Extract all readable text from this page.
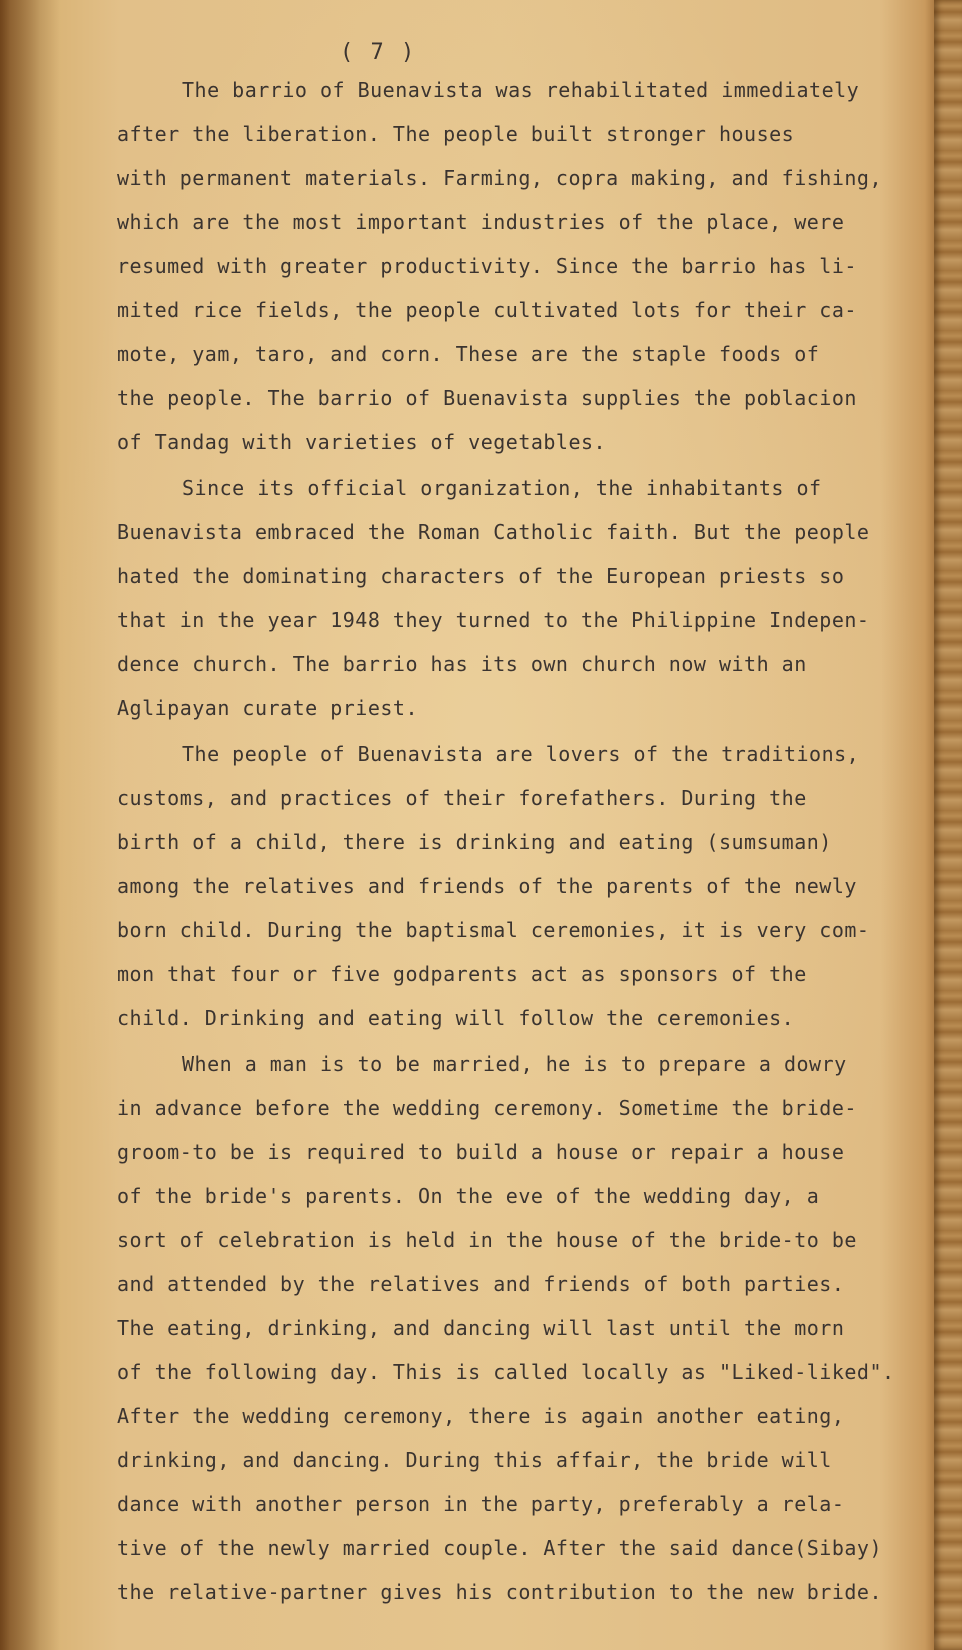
( 7 )
The barrio of Buenavista was rehabilitated immediately
after the liberation. The people built stronger houses
with permanent materials. Farming, copra making, and fishing,
which are the most important industries of the place, were
resumed with greater productivity. Since the barrio has li-
mited rice fields, the people cultivated lots for their ca-
mote, yam, taro, and corn. These are the staple foods of
the people. The barrio of Buenavista supplies the poblacion
of Tandag with varieties of vegetables.
Since its official organization, the inhabitants of
Buenavista embraced the Roman Catholic faith. But the people
hated the dominating characters of the European priests so
that in the year 1948 they turned to the Philippine Indepen-
dence church. The barrio has its own church now with an
Aglipayan curate priest.
The people of Buenavista are lovers of the traditions,
customs, and practices of their forefathers. During the
birth of a child, there is drinking and eating (sumsuman)
among the relatives and friends of the parents of the newly
born child. During the baptismal ceremonies, it is very com-
mon that four or five godparents act as sponsors of the
child. Drinking and eating will follow the ceremonies.
When a man is to be married, he is to prepare a dowry
in advance before the wedding ceremony. Sometime the bride-
groom-to be is required to build a house or repair a house
of the bride's parents. On the eve of the wedding day, a
sort of celebration is held in the house of the bride-to be
and attended by the relatives and friends of both parties.
The eating, drinking, and dancing will last until the morn
of the following day. This is called locally as "Liked-liked".
After the wedding ceremony, there is again another eating,
drinking, and dancing. During this affair, the bride will
dance with another person in the party, preferably a rela-
tive of the newly married couple. After the said dance(Sibay)
the relative-partner gives his contribution to the new bride.
